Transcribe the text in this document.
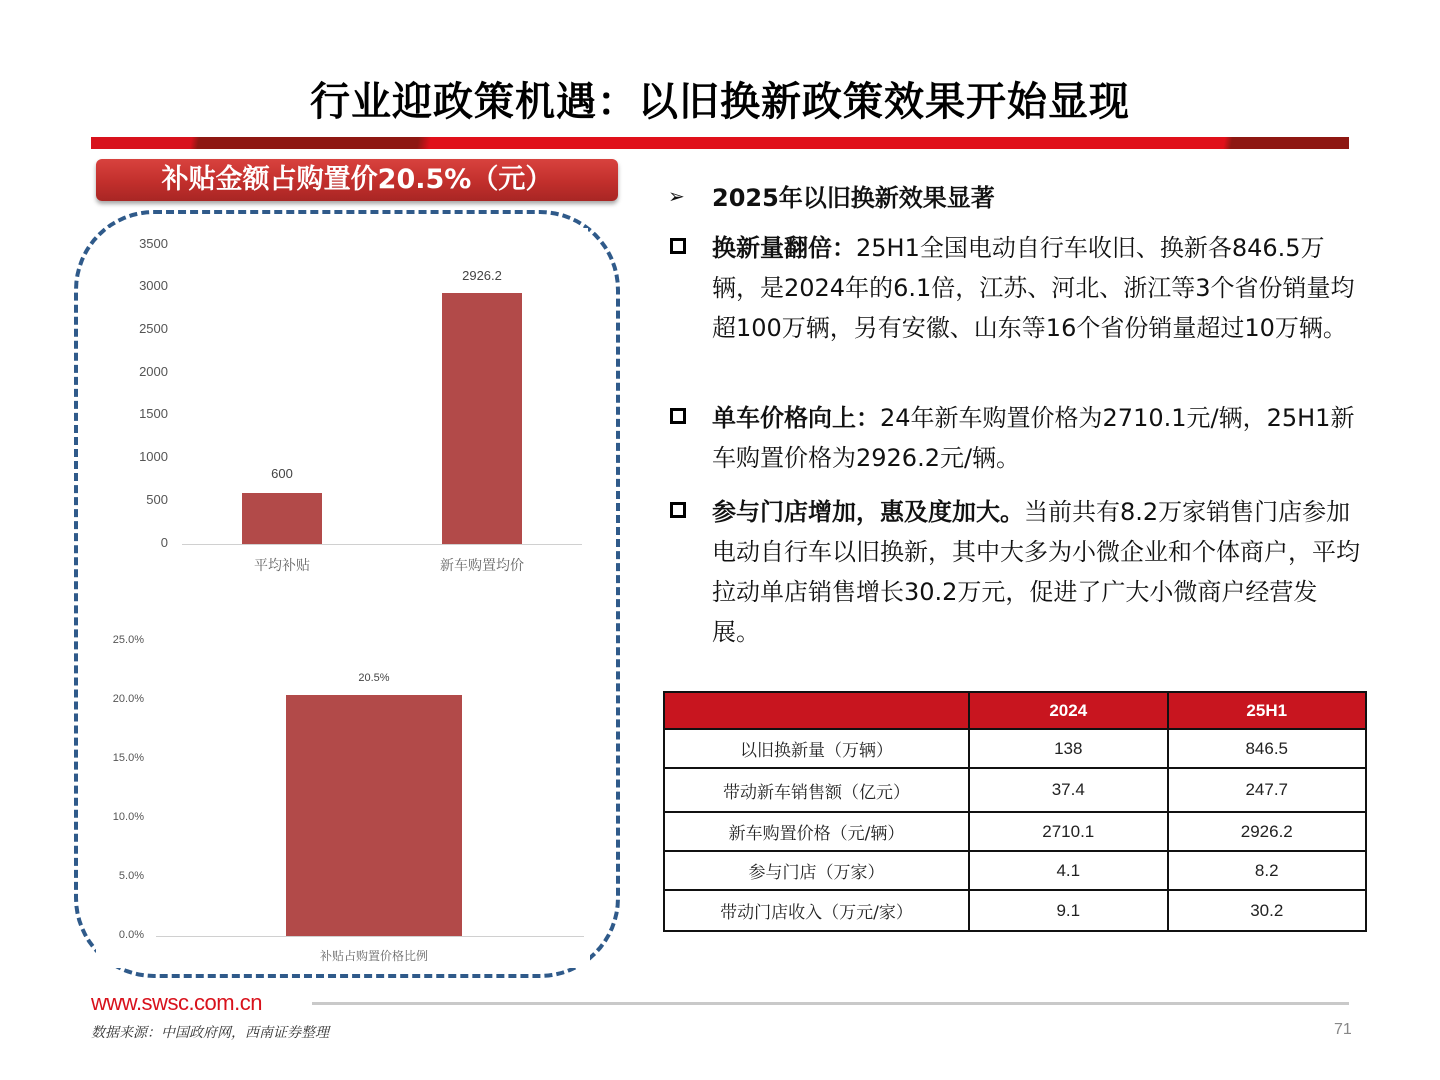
行业迎政策机遇：以旧换新政策效果开始显现
补贴金额占购置价20.5%（元）
3500
3000
2500
2000
1500
1000
500
0
600
2926.2
平均补贴	新车购置均价
25.0%
20.0%
15.0%
10.0%
5.0%
0.0%
20.5%
补贴占购置价格比例
➢	2025年以旧换新效果显著
换新量翻倍：25H1全国电动自行车收旧、换新各846.5万辆，是2024年的6.1倍，江苏、河北、浙江等3个省份销量均超100万辆，另有安徽、山东等16个省份销量超过10万辆。
单车价格向上：24年新车购置价格为2710.1元/辆，25H1新车购置价格为2926.2元/辆。
参与门店增加，惠及度加大。当前共有8.2万家销售门店参加电动自行车以旧换新，其中大多为小微企业和个体商户，平均拉动单店销售增长30.2万元，促进了广大小微商户经营发展。
	2024	25H1
以旧换新量（万辆）	138	846.5
带动新车销售额（亿元）	37.4	247.7
新车购置价格（元/辆）	2710.1	2926.2
参与门店（万家）	4.1	8.2
带动门店收入（万元/家）	9.1	30.2
www.swsc.com.cn
数据来源：中国政府网，西南证券整理	71
